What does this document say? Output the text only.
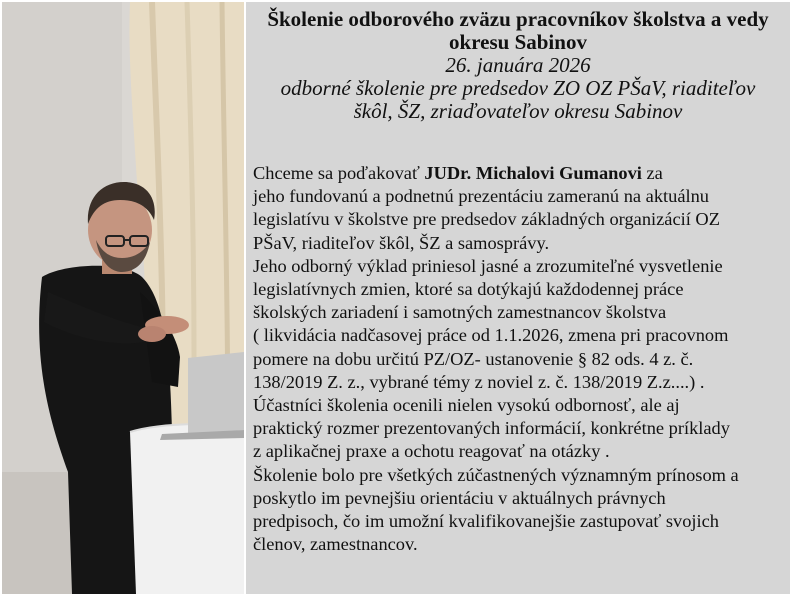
Školenie odborového zväzu pracovníkov školstva a vedy
okresu Sabinov
26. januára 2026
odborné školenie pre predsedov ZO OZ PŠaV, riaditeľov
škôl, ŠZ, zriaďovateľov okresu Sabinov

Chceme sa poďakovať JUDr. Michalovi Gumanovi za

jeho fundovanú a podnetnú prezentáciu zameranú na aktuálnu

legislatívu v školstve pre predsedov základných organizácií OZ

PŠaV, riaditeľov škôl, ŠZ a samosprávy.

Jeho odborný výklad priniesol jasné a zrozumiteľné vysvetlenie

legislatívnych zmien, ktoré sa dotýkajú každodennej práce

školských zariadení i samotných zamestnancov školstva

( likvidácia nadčasovej práce od 1.1.2026, zmena pri pracovnom

pomere na dobu určitú PZ/OZ- ustanovenie § 82 ods. 4 z. č.

138/2019 Z. z., vybrané témy z noviel z. č. 138/2019 Z.z....) .

Účastníci školenia ocenili nielen vysokú odbornosť, ale aj

praktický rozmer prezentovaných informácií, konkrétne príklady

z aplikačnej praxe a ochotu reagovať na otázky .

Školenie bolo pre všetkých zúčastnených významným prínosom a

poskytlo im pevnejšiu orientáciu v aktuálnych právnych

predpisoch, čo im umožní kvalifikovanejšie zastupovať svojich

členov, zamestnancov.
